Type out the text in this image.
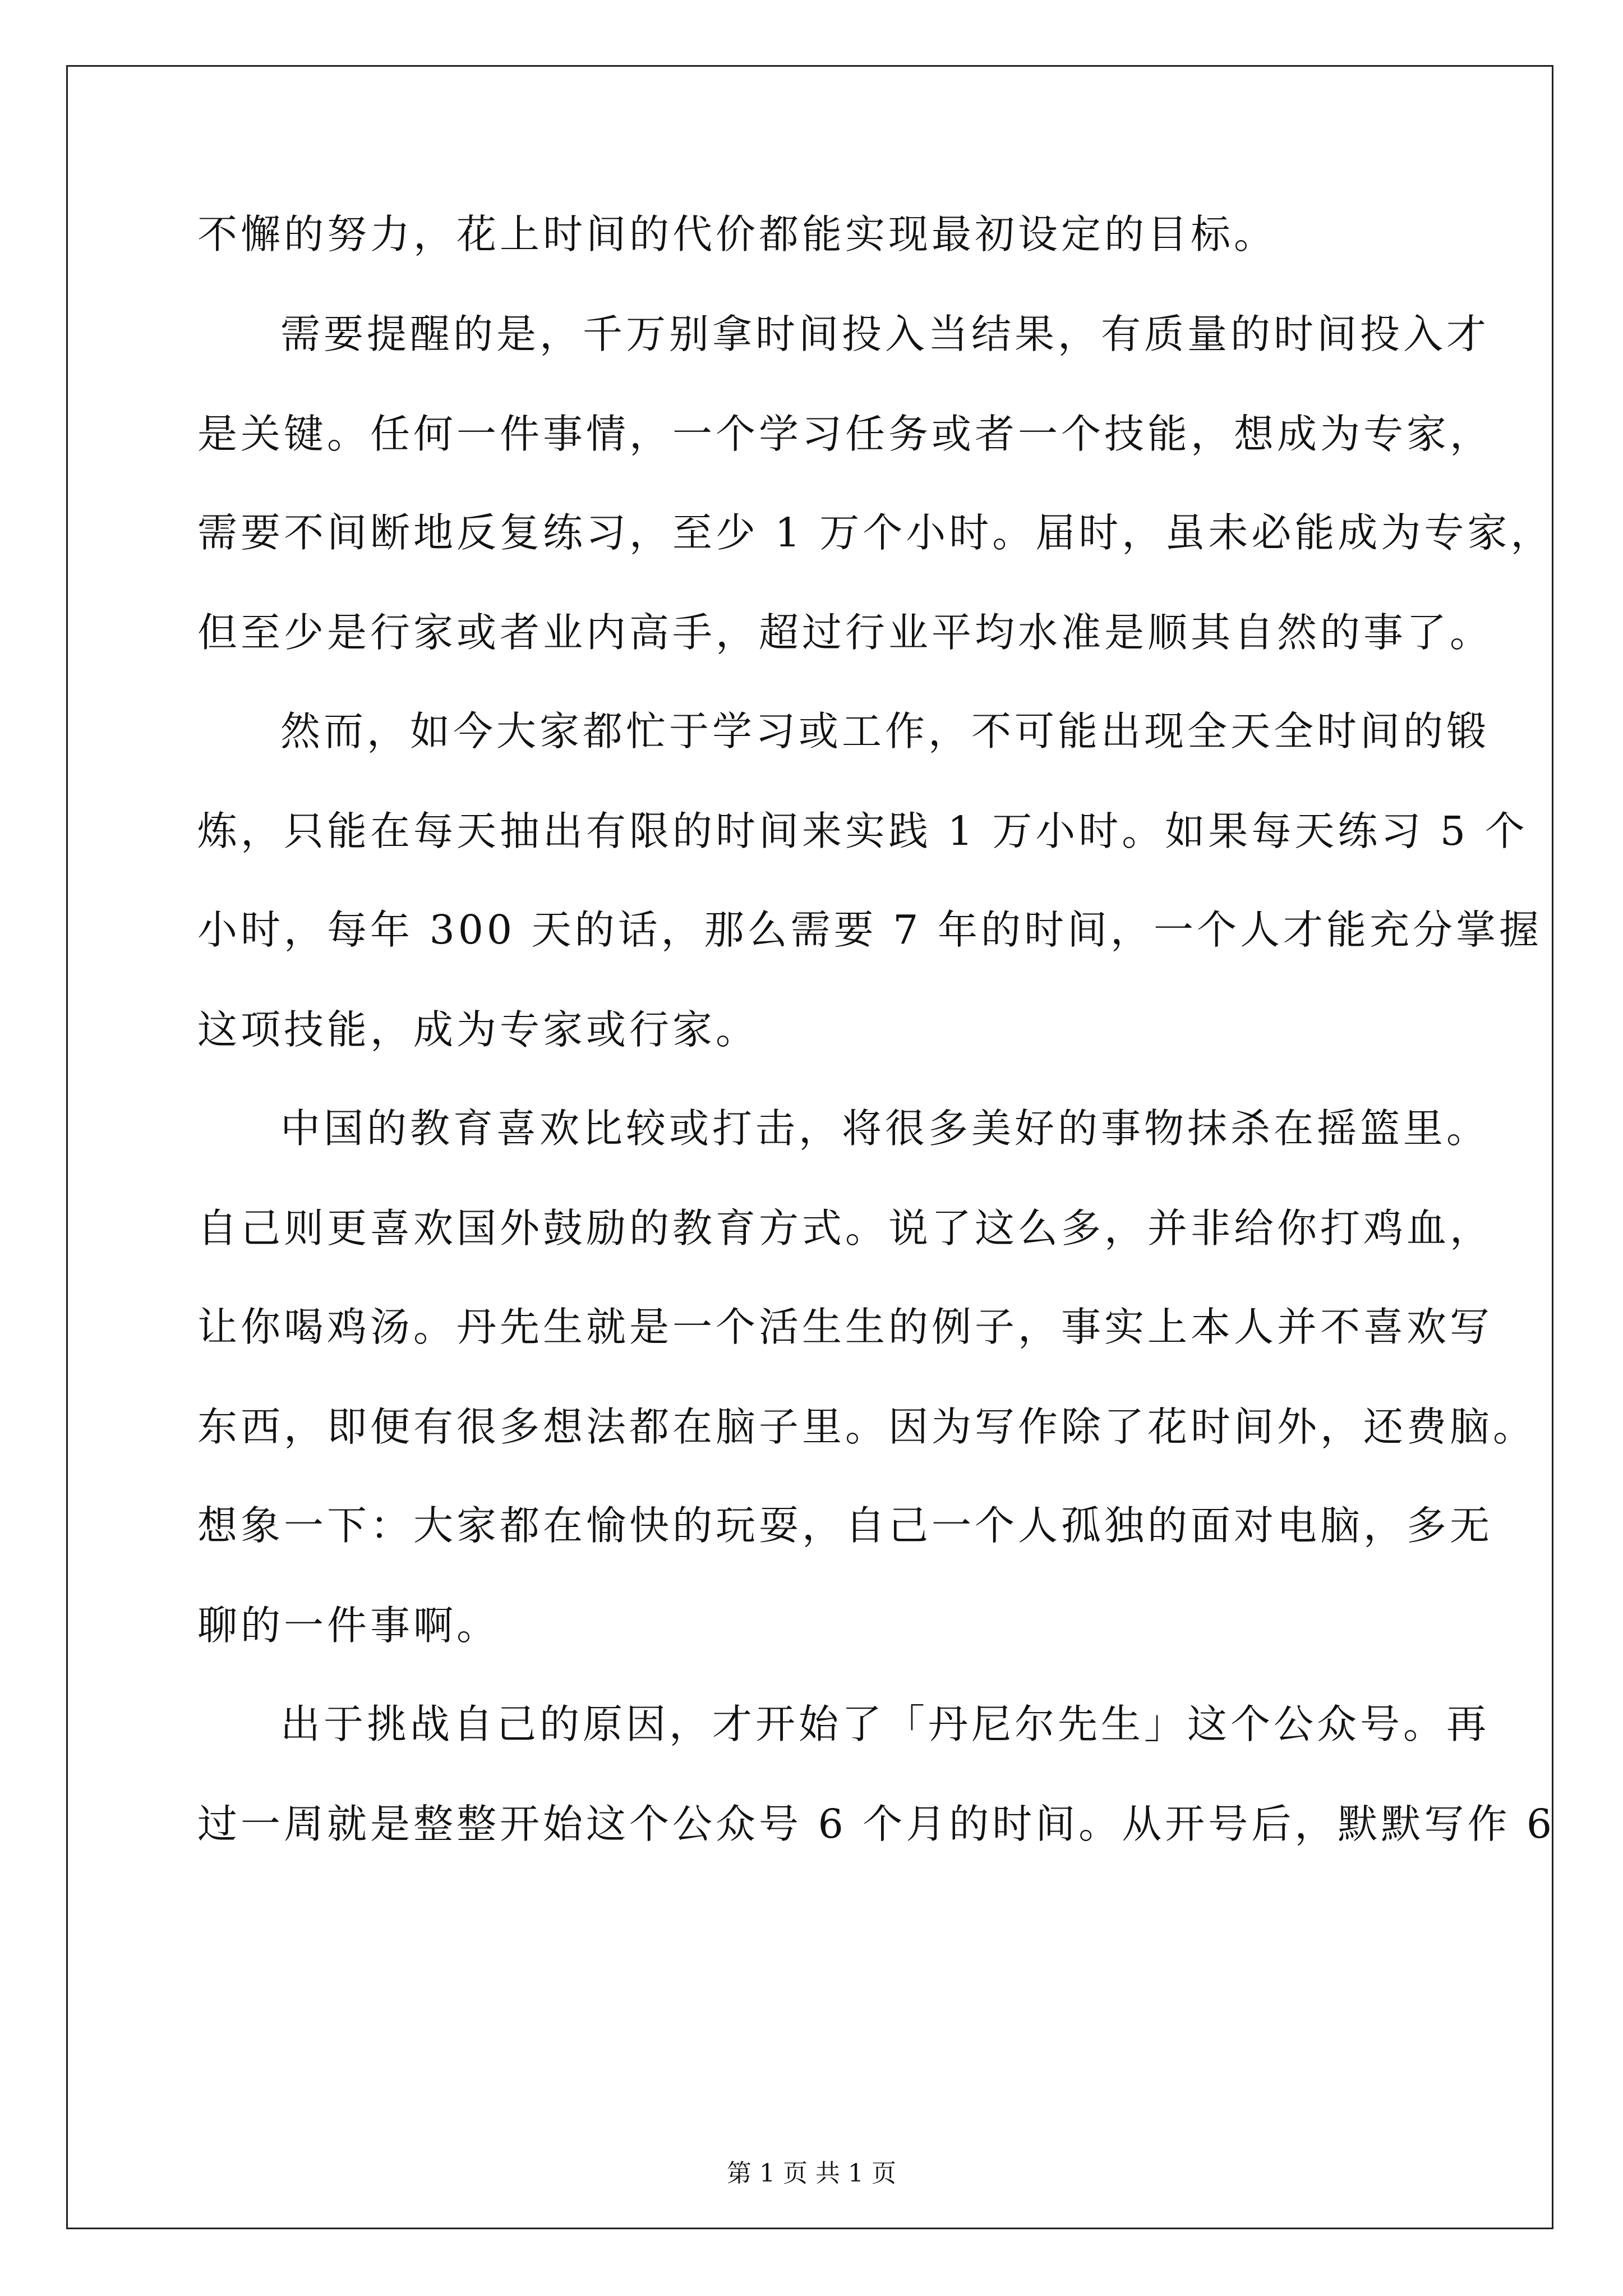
不懈的努力，花上时间的代价都能实现最初设定的目标。
需要提醒的是，千万别拿时间投入当结果，有质量的时间投入才
是关键。任何一件事情，一个学习任务或者一个技能，想成为专家，
需要不间断地反复练习，至少 1 万个小时。届时，虽未必能成为专家，
但至少是行家或者业内高手，超过行业平均水准是顺其自然的事了。
然而，如今大家都忙于学习或工作，不可能出现全天全时间的锻
炼，只能在每天抽出有限的时间来实践 1 万小时。如果每天练习 5 个
小时，每年 300 天的话，那么需要 7 年的时间，一个人才能充分掌握
这项技能，成为专家或行家。
中国的教育喜欢比较或打击，将很多美好的事物抹杀在摇篮里。
自己则更喜欢国外鼓励的教育方式。说了这么多，并非给你打鸡血，
让你喝鸡汤。丹先生就是一个活生生的例子，事实上本人并不喜欢写
东西，即便有很多想法都在脑子里。因为写作除了花时间外，还费脑。
想象一下：大家都在愉快的玩耍，自己一个人孤独的面对电脑，多无
聊的一件事啊。
出于挑战自己的原因，才开始了「丹尼尔先生」这个公众号。再
过一周就是整整开始这个公众号 6 个月的时间。从开号后，默默写作 6
第 1 页 共 1 页
